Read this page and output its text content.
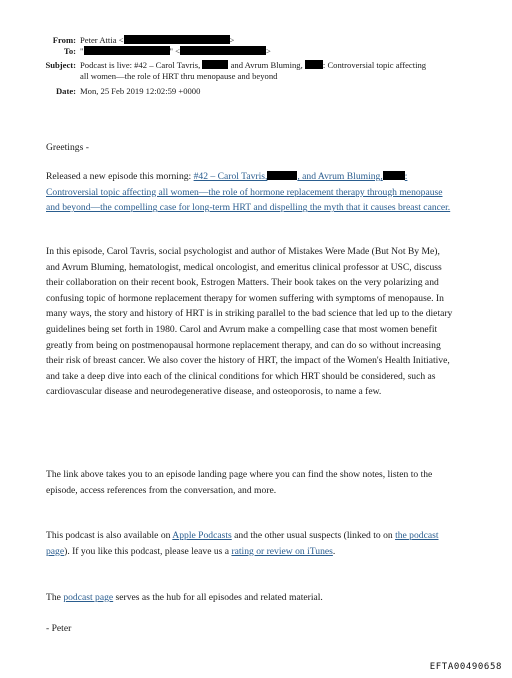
From: Peter Attia <	>
To: "	" <	>
Subject: Podcast is live: #42 – Carol Tavris,	and Avrum Bluming, : Controversial topic affecting
all women—the role of HRT thru menopause and beyond
Date: Mon, 25 Feb 2019 12:02:59 +0000

Greetings -

Released a new episode this morning: #42 – Carol Tavris,	, and Avrum Bluming, : Controversial topic affecting all women—the role of hormone replacement therapy through menopause and beyond—the compelling case for long-term HRT and dispelling the myth that it causes breast cancer.

In this episode, Carol Tavris, social psychologist and author of Mistakes Were Made (But Not By Me), and Avrum Bluming, hematologist, medical oncologist, and emeritus clinical professor at USC, discuss their collaboration on their recent book, Estrogen Matters. Their book takes on the very polarizing and confusing topic of hormone replacement therapy for women suffering with symptoms of menopause. In many ways, the story and history of HRT is in striking parallel to the bad science that led up to the dietary guidelines being set forth in 1980. Carol and Avrum make a compelling case that most women benefit greatly from being on postmenopausal hormone replacement therapy, and can do so without increasing their risk of breast cancer. We also cover the history of HRT, the impact of the Women's Health Initiative, and take a deep dive into each of the clinical conditions for which HRT should be considered, such as cardiovascular disease and neurodegenerative disease, and osteoporosis, to name a few.
The link above takes you to an episode landing page where you can find the show notes, listen to the episode, access references from the conversation, and more.

This podcast is also available on Apple Podcasts and the other usual suspects (linked to on the podcast page). If you like this podcast, please leave us a rating or review on iTunes.

The podcast page serves as the hub for all episodes and related material.

- Peter
EFTA00490658
